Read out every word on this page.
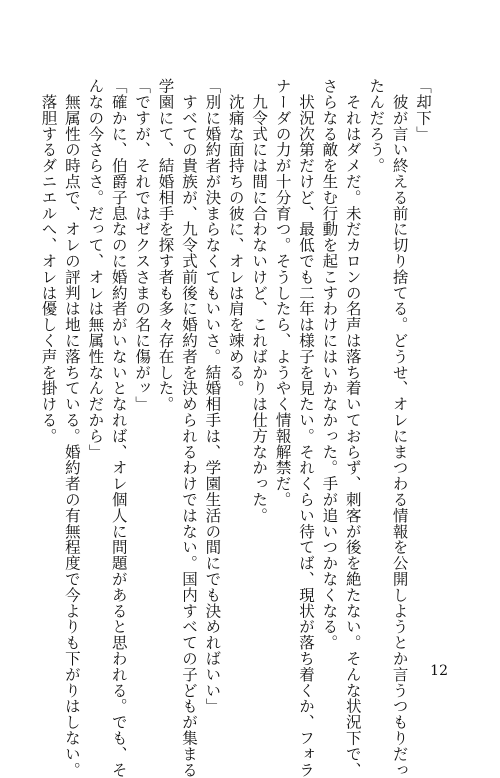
「却下」
　彼が言い終える前に切り捨てる。どうせ、オレにまつわる情報を公開しようとか言うつもりだっ
たんだろう。
　それはダメだ。未だカロンの名声は落ち着いておらず、刺客が後を絶たない。そんな状況下で、
さらなる敵を生む行動を起こすわけにはいかなかった。手が追いつかなくなる。
　状況次第だけど、最低でも二年は様子を見たい。それくらい待てば、現状が落ち着くか、フォラ
ナーダの力が十分育つ。そうしたら、ようやく情報解禁だ。
　九令式には間に合わないけど、こればかりは仕方なかった。
　沈痛な面持ちの彼に、オレは肩を竦める。
「別に婚約者が決まらなくてもいいさ。結婚相手は、学園生活の間にでも決めればいい」
　すべての貴族が、九令式前後に婚約者を決められるわけではない。国内すべての子どもが集まる
学園にて、結婚相手を探す者も多々存在した。
「ですが、それではゼクスさまの名に傷がッ」
「確かに、伯爵子息なのに婚約者がいないとなれば、オレ個人に問題があると思われる。でも、そ
んなの今さらさ。だって、オレは無属性なんだから」
　無属性の時点で、オレの評判は地に落ちている。婚約者の有無程度で今よりも下がりはしない。
　落胆するダニエルへ、オレは優しく声を掛ける。
12
